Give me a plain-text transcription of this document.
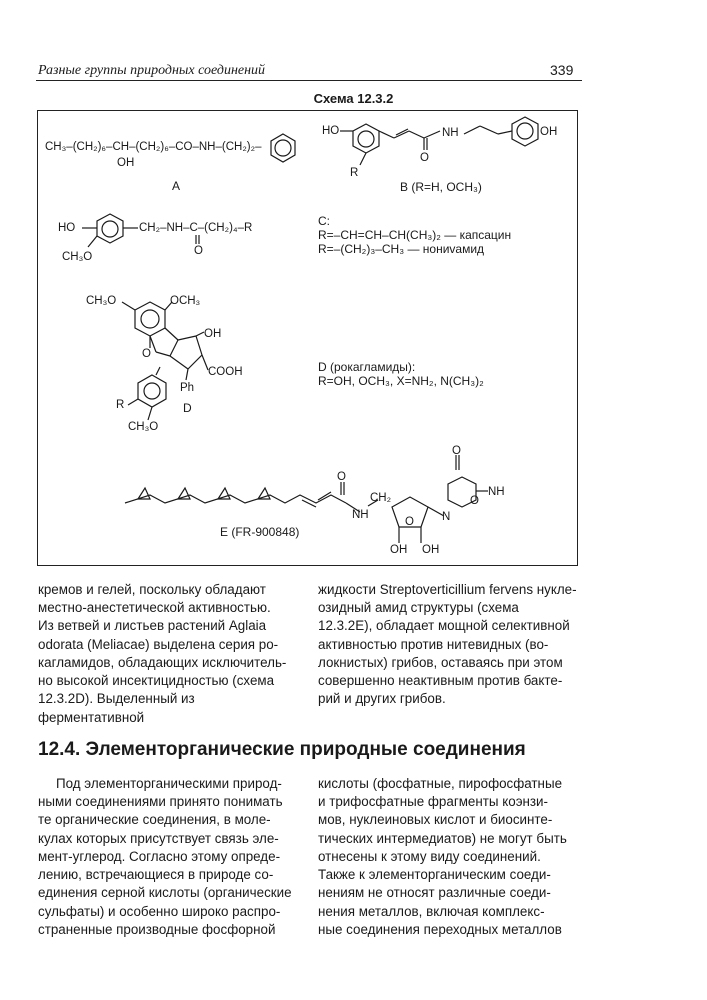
Разные группы природных соединений	339
Схема 12.3.2
CH₃–(CH₂)₆–CH–(CH₂)₆–CO–NH–(CH₂)₂–
OH
A
HO
R
NH
O
OH
B (R=H, OCH₃)
HO	CH₂–NH–C–(CH₂)₄–R
O
CH₃O
C:
R=–CH=CH–CH(CH₃)₂ — капсацин
R=–(CH₂)₃–CH₃ — нониvамид
CH₃O	OCH₃
OH
O
COOH
Ph
R
CH₃O
D
D (рокагламиды):
R=OH, OCH₃, X=NH₂, N(CH₃)₂
O
NH
CH₂
O N
NH
O
O
OH OH
E (FR-900848)

кремов и гелей, поскольку обладают

местно-анестетической активностью.

Из ветвей и листьев растений Aglaia

odorata (Meliacae) выделена серия ро-

кагламидов, обладающих исключитель-

но высокой инсектицидностью (схема

12.3.2D). Выделенный из ферментативной

жидкости Streptoverticillium fervens нукле-

озидный амид структуры (схема

12.3.2E), обладает мощной селективной

активностью против нитевидных (во-

локнистых) грибов, оставаясь при этом

совершенно неактивным против бакте-

рий и других грибов.

12.4. Элементорганические природные соединения

Под элементорганическими природ-

ными соединениями принято понимать

те органические соединения, в моле-

кулах которых присутствует связь эле-

мент-углерод. Согласно этому опреде-

лению, встречающиеся в природе со-

единения серной кислоты (органические

сульфаты) и особенно широко распро-

страненные производные фосфорной

кислоты (фосфатные, пирофосфатные

и трифосфатные фрагменты коэнзи-

мов, нуклеиновых кислот и биосинте-

тических интермедиатов) не могут быть

отнесены к этому виду соединений.

Также к элементорганическим соеди-

нениям не относят различные соеди-

нения металлов, включая комплекс-

ные соединения переходных металлов
